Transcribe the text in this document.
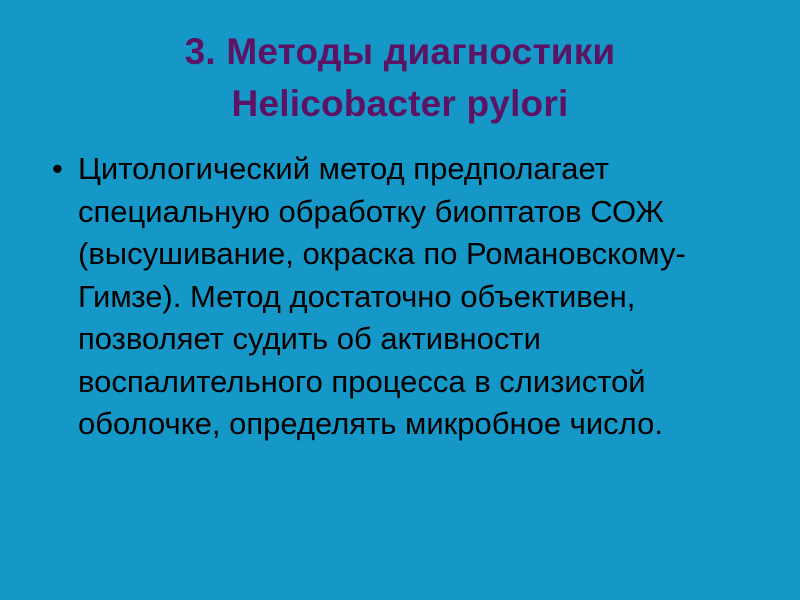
3. Методы диагностики
Helicobacter pylori
• Цитологический метод предполагает специальную обработку биоптатов СОЖ (высушивание, окраска по Романовскому-Гимзе). Метод достаточно объективен, позволяет судить об активности воспалительного процесса в слизистой оболочке, определять микробное число.
